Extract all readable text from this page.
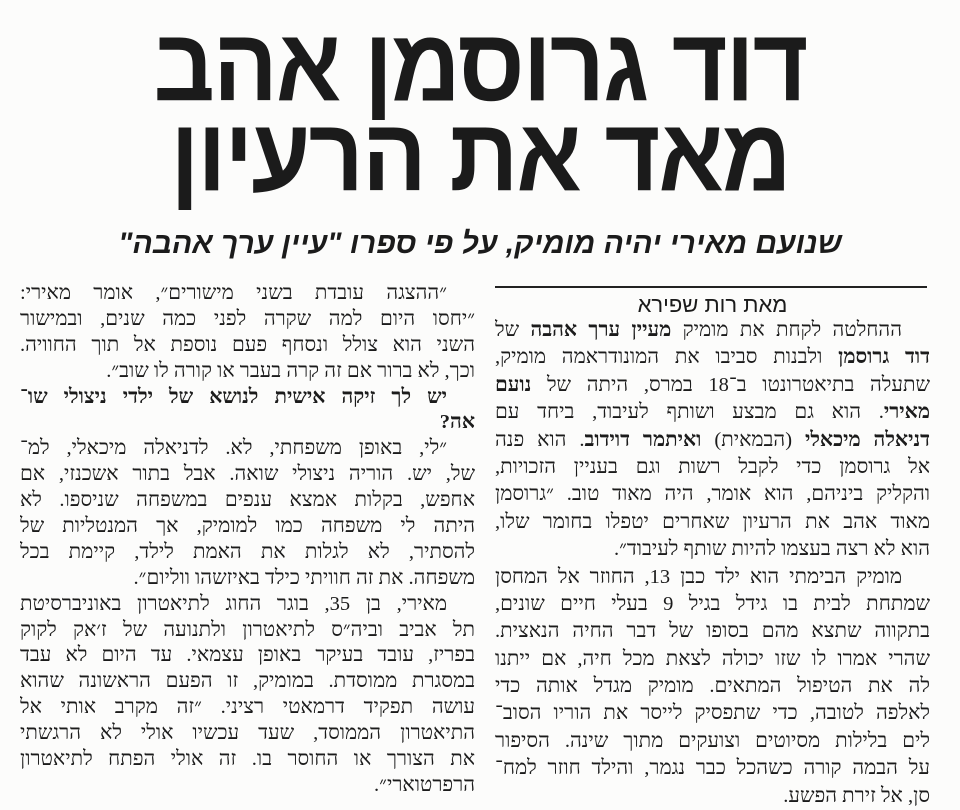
דוד גרוסמן אהב
מאד את הרעיון
שנועם מאירי יהיה מומיק, על פי ספרו "עיין ערך אהבה"
מאת רות שפירא
ההחלטה לקחת את מומיק מעיין ערך אהבה של
דוד גרוסמן ולבנות סביבו את המונודראמה מומיק,
שתעלה בתיאטרונטו ב־18 במרס, היתה של נועם
מאירי. הוא גם מבצע ושותף לעיבוד, ביחד עם
דניאלה מיכאלי (הבמאית) ואיתמר דוידוב. הוא פנה
אל גרוסמן כדי לקבל רשות וגם בעניין הזכויות,
והקליק ביניהם, הוא אומר, היה מאוד טוב. ״גרוסמן
מאוד אהב את הרעיון שאחרים יטפלו בחומר שלו,
הוא לא רצה בעצמו להיות שותף לעיבוד״.
מומיק הבימתי הוא ילד כבן 13, החוזר אל המחסן
שמתחת לבית בו גידל בגיל 9 בעלי חיים שונים,
בתקווה שתצא מהם בסופו של דבר החיה הנאצית.
שהרי אמרו לו שזו יכולה לצאת מכל חיה, אם ייתנו
לה את הטיפול המתאים. מומיק מגדל אותה כדי
לאלפה לטובה, כדי שתפסיק לייסר את הוריו הסוב־
לים בלילות מסיוטים וצועקים מתוך שינה. הסיפור
על הבמה קורה כשהכל כבר נגמר, והילד חוזר למח־
סן, אל זירת הפשע.
״ההצגה עובדת בשני מישורים״, אומר מאירי:
״יחסו היום למה שקרה לפני כמה שנים, ובמישור
השני הוא צולל ונסחף פעם נוספת אל תוך החוויה.
וכך, לא ברור אם זה קרה בעבר או קורה לו שוב״.
יש לך זיקה אישית לנושא של ילדי ניצולי שו־
אה?
״לי, באופן משפחתי, לא. לדניאלה מיכאלי, למ־
של, יש. הוריה ניצולי שואה. אבל בתור אשכנזי, אם
אחפש, בקלות אמצא ענפים במשפחה שניספו. לא
היתה לי משפחה כמו למומיק, אך המנטליות של
להסתיר, לא לגלות את האמת לילד, קיימת בכל
משפחה. את זה חוויתי כילד באיזשהו ווליום״.
מאירי, בן 35, בוגר החוג לתיאטרון באוניברסיטת
תל אביב וביה״ס לתיאטרון ולתנועה של ז׳אק לקוק
בפריז, עובד בעיקר באופן עצמאי. עד היום לא עבד
במסגרת ממוסדת. במומיק, זו הפעם הראשונה שהוא
עושה תפקיד דרמאטי רציני. ״זה מקרב אותי אל
התיאטרון הממוסד, שעד עכשיו אולי לא הרגשתי
את הצורך או החוסר בו. זה אולי הפתח לתיאטרון
הרפרטוארי״.
